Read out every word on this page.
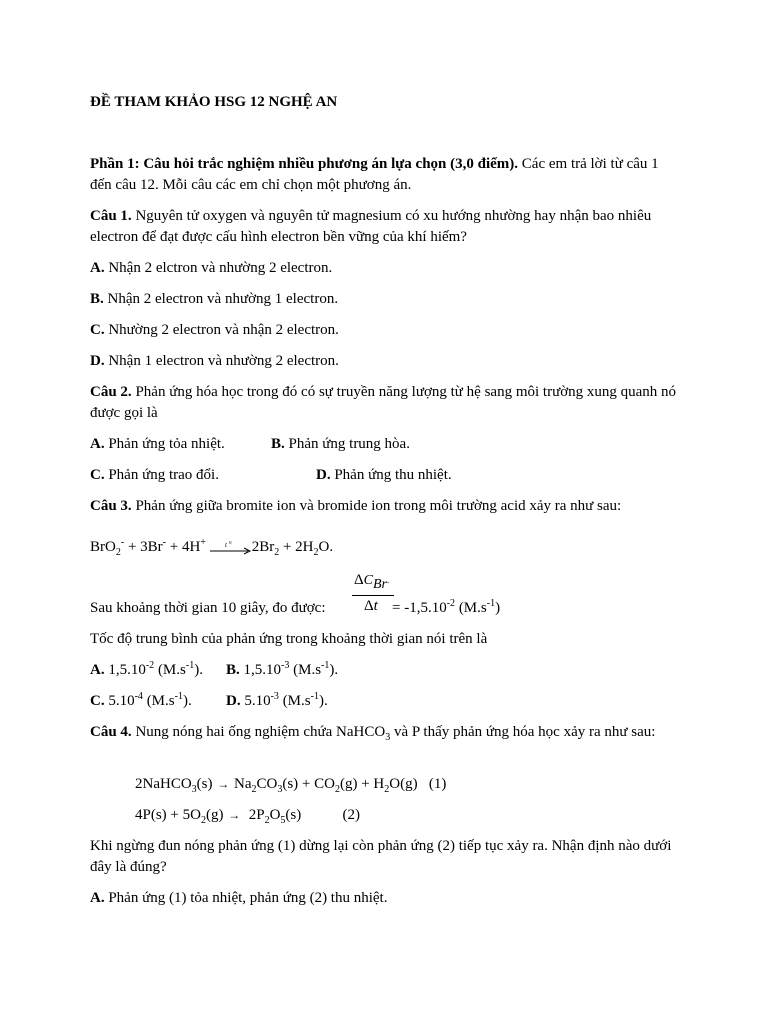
ĐỀ THAM KHẢO HSG 12 NGHỆ AN

Phần 1: Câu hỏi trắc nghiệm nhiều phương án lựa chọn (3,0 điểm). Các em trả lời từ câu 1 đến câu 12. Mỗi câu các em chỉ chọn một phương án.

Câu 1. Nguyên tử oxygen và nguyên tử magnesium có xu hướng nhường hay nhận bao nhiêu electron để đạt được cấu hình electron bền vững của khí hiếm?

A. Nhận 2 elctron và nhường 2 electron.

B. Nhận 2 electron và nhường 1 electron.

C. Nhường 2 electron và nhận 2 electron.

D. Nhận 1 electron và nhường 2 electron.

Câu 2. Phản ứng hóa học trong đó có sự truyền năng lượng từ hệ sang môi trường xung quanh nó được gọi là

A. Phản ứng tỏa nhiệt.	B. Phản ứng trung hòa.

C. Phản ứng trao đổi.	D. Phản ứng thu nhiệt.

Câu 3. Phản ứng giữa bromite ion và bromide ion trong môi trường acid xảy ra như sau:

BrO$_2$- + 3Br- + 4H+	t 0 $2Br_2 + 2H_2O$.

$\Delta C_{Br^-}$
Δt

Sau khoảng thời gian 10 giây, đo được:	= $-1,5.10^{-2}$ $(M.s^{-1})$

Tốc độ trung bình của phản ứng trong khoảng thời gian nói trên là

A. $1,5.10^{-2}$ $(M.s^{-1})$.	B. $1,5.10^{-3}$ $(M.s^{-1})$.

C. $5.10^{-4}$ $(M.s^{-1})$.	D. $5.10^{-3}$ $(M.s^{-1})$.

Câu 4. Nung nóng hai ống nghiệm chứa NaHCO$_3$ và P thấy phản ứng hóa học xảy ra như sau:

2NaHCO$_3$(s) → $Na_2CO_3(s) + CO_2(g) + H_2O(g)$   (1)

$4P(s) + 5O_2(g) \to 2P_2O_5(s)$           (2)

Khi ngừng đun nóng phản ứng (1) dừng lại còn phản ứng (2) tiếp tục xảy ra. Nhận định nào dưới đây là đúng?

A. Phản ứng (1) tỏa nhiệt, phản ứng (2) thu nhiệt.
